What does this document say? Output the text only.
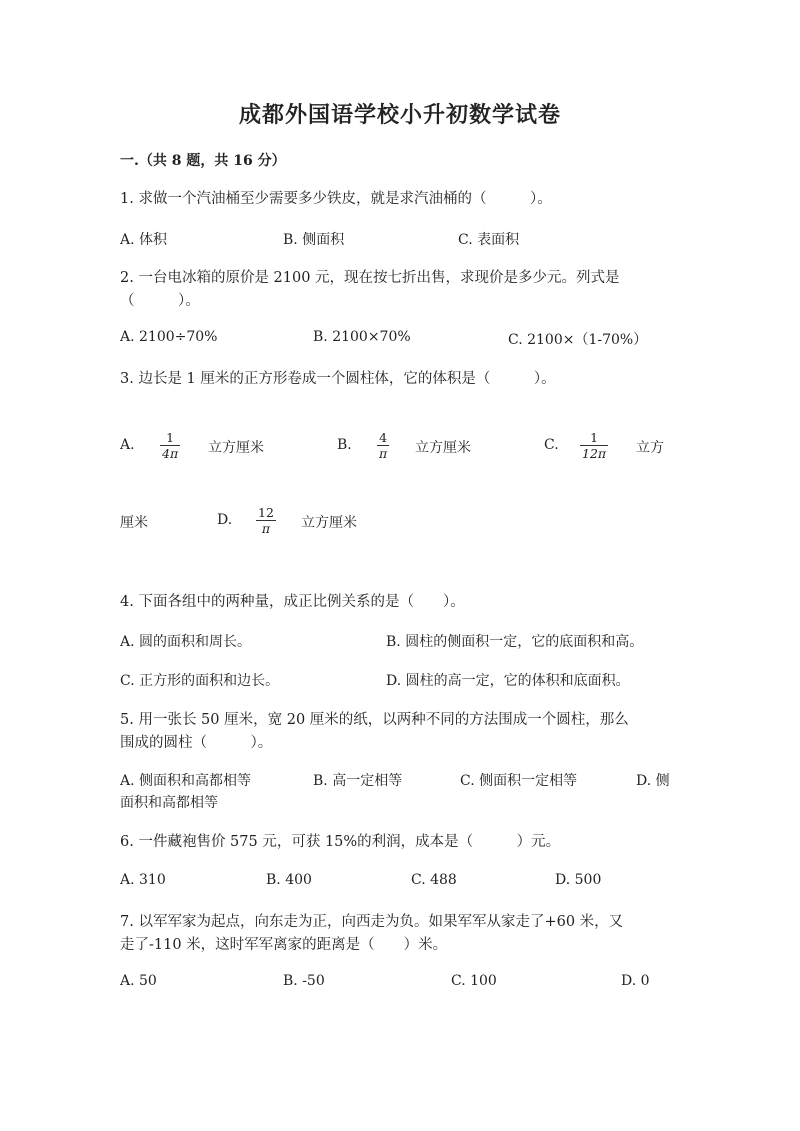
成都外国语学校小升初数学试卷
一.（共 8 题，共 16 分）
1. 求做一个汽油桶至少需要多少铁皮，就是求汽油桶的（　　　）。
A. 体积	B. 侧面积	C. 表面积
2. 一台电冰箱的原价是 2100 元，现在按七折出售，求现价是多少元。列式是
（　　　）。
A. 2100÷70%	B. 2100×70%	C. 2100×（1-70%）
3. 边长是 1 厘米的正方形卷成一个圆柱体，它的体积是（　　　）。
A.	1
4π 立方厘米	B. 4
π 立方厘米	C.	1
12π 立方
厘米	D. 12
π 立方厘米
4. 下面各组中的两种量，成正比例关系的是（　　）。
A. 圆的面积和周长。	B. 圆柱的侧面积一定，它的底面积和高。
C. 正方形的面积和边长。	D. 圆柱的高一定，它的体积和底面积。
5. 用一张长 50 厘米，宽 20 厘米的纸，以两种不同的方法围成一个圆柱，那么
围成的圆柱（　　　）。
A. 侧面积和高都相等	B. 高一定相等	C. 侧面积一定相等	D. 侧
面积和高都相等
6. 一件藏袍售价 575 元，可获 15%的利润，成本是（　　　）元。
A. 310	B. 400	C. 488	D. 500
7. 以军军家为起点，向东走为正，向西走为负。如果军军从家走了+60 米，又
走了-110 米，这时军军离家的距离是（　　）米。
A. 50	B. -50	C. 100	D. 0
